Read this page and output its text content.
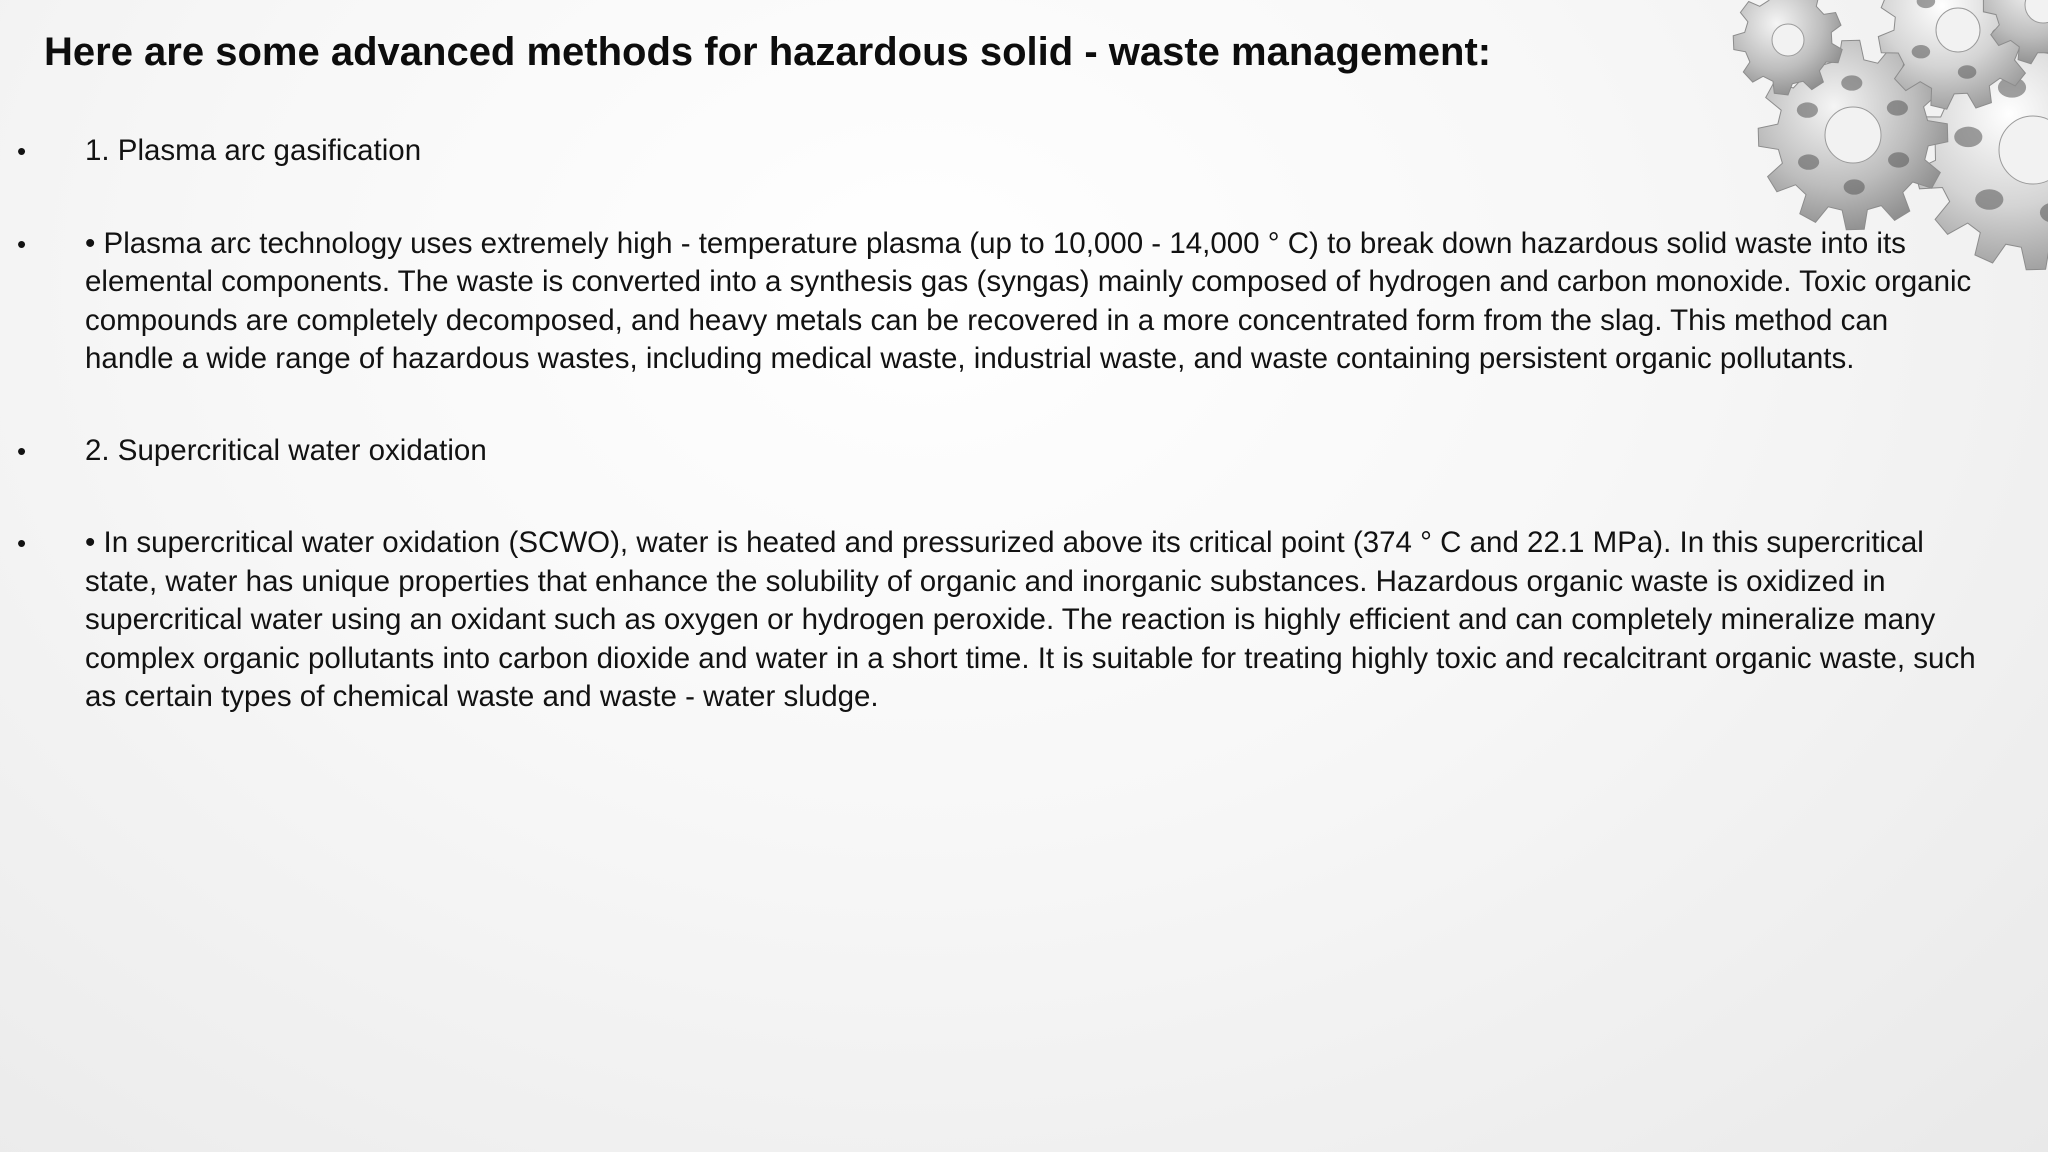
Here are some advanced methods for hazardous solid - waste management:
• 1. Plasma arc gasification
• • Plasma arc technology uses extremely high - temperature plasma (up to 10,000 - 14,000 ° C) to break down hazardous solid waste into its elemental components. The waste is converted into a synthesis gas (syngas) mainly composed of hydrogen and carbon monoxide. Toxic organic compounds are completely decomposed, and heavy metals can be recovered in a more concentrated form from the slag. This method can handle a wide range of hazardous wastes, including medical waste, industrial waste, and waste containing persistent organic pollutants.
• 2. Supercritical water oxidation
• • In supercritical water oxidation (SCWO), water is heated and pressurized above its critical point (374 ° C and 22.1 MPa). In this supercritical state, water has unique properties that enhance the solubility of organic and inorganic substances. Hazardous organic waste is oxidized in supercritical water using an oxidant such as oxygen or hydrogen peroxide. The reaction is highly efficient and can completely mineralize many complex organic pollutants into carbon dioxide and water in a short time. It is suitable for treating highly toxic and recalcitrant organic waste, such as certain types of chemical waste and waste - water sludge.
